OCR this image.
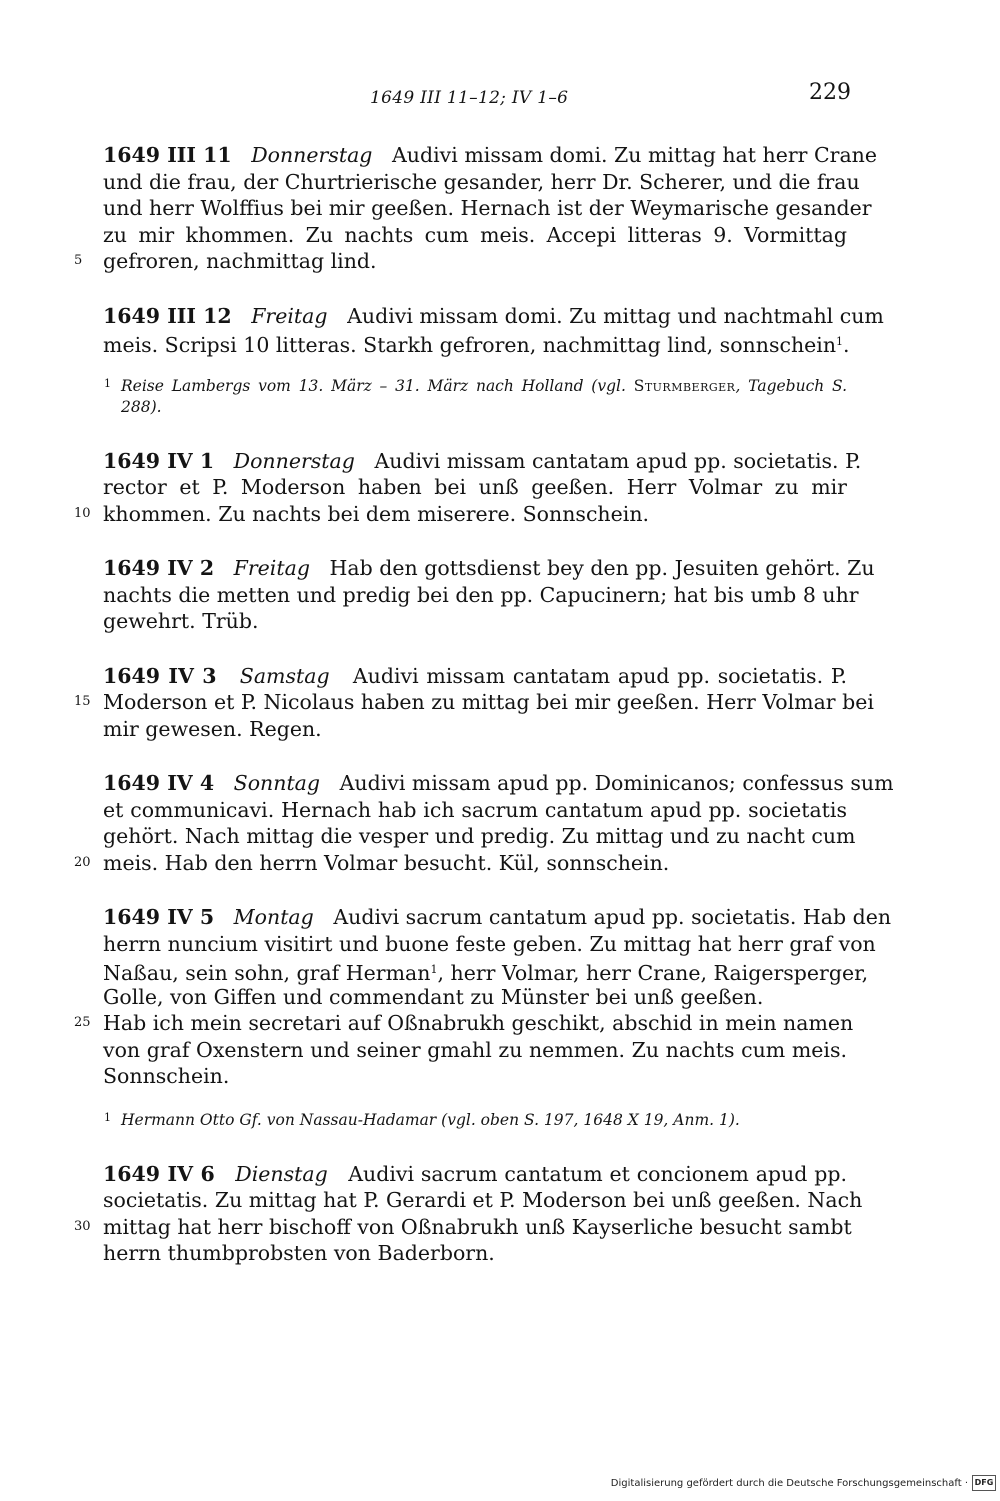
1649 III 11–12; IV 1–6	229
1649 III 11 Donnerstag Audivi missam domi. Zu mittag hat herr Crane
und die frau, der Churtrierische gesander, herr Dr. Scherer, und die frau
und herr Wolffius bei mir geeßen. Hernach ist der Weymarische gesander
zu mir khommen. Zu nachts cum meis. Accepi litteras 9. Vormittag
5 gefroren, nachmittag lind.
1649 III 12 Freitag Audivi missam domi. Zu mittag und nachtmahl cum
meis. Scripsi 10 litteras. Starkh gefroren, nachmittag lind, sonnschein$^1$.
1 Reise Lambergs vom 13. März – 31. März nach Holland (vgl. Sturmberger, Tagebuch S. 288).
1649 IV 1 Donnerstag Audivi missam cantatam apud pp. societatis. P.
rector et P. Moderson haben bei unß geeßen. Herr Volmar zu mir
10 khommen. Zu nachts bei dem miserere. Sonnschein.
1649 IV 2 Freitag Hab den gottsdienst bey den pp. Jesuiten gehört. Zu
nachts die metten und predig bei den pp. Capucinern; hat bis umb 8 uhr
gewehrt. Trüb.
1649 IV 3 Samstag Audivi missam cantatam apud pp. societatis. P.
15 Moderson et P. Nicolaus haben zu mittag bei mir geeßen. Herr Volmar bei
mir gewesen. Regen.
1649 IV 4 Sonntag Audivi missam apud pp. Dominicanos; confessus sum
et communicavi. Hernach hab ich sacrum cantatum apud pp. societatis
gehört. Nach mittag die vesper und predig. Zu mittag und zu nacht cum
20 meis. Hab den herrn Volmar besucht. Kül, sonnschein.
1649 IV 5 Montag Audivi sacrum cantatum apud pp. societatis. Hab den
herrn nuncium visitirt und buone feste geben. Zu mittag hat herr graf von
Naßau, sein sohn, graf Herman$^1$, herr Volmar, herr Crane, Raigersperger,
Golle, von Giffen und commendant zu Münster bei unß geeßen.
25 Hab ich mein secretari auf Oßnabrukh geschikt, abschid in mein namen
von graf Oxenstern und seiner gmahl zu nemmen. Zu nachts cum meis.
Sonnschein.
1 Hermann Otto Gf. von Nassau-Hadamar (vgl. oben S. 197, 1648 X 19, Anm. 1).
1649 IV 6 Dienstag Audivi sacrum cantatum et concionem apud pp.
societatis. Zu mittag hat P. Gerardi et P. Moderson bei unß geeßen. Nach
30 mittag hat herr bischoff von Oßnabrukh unß Kayserliche besucht sambt
herrn thumbprobsten von Baderborn.
Digitalisierung gefördert durch die Deutsche Forschungsgemeinschaft · DFG
